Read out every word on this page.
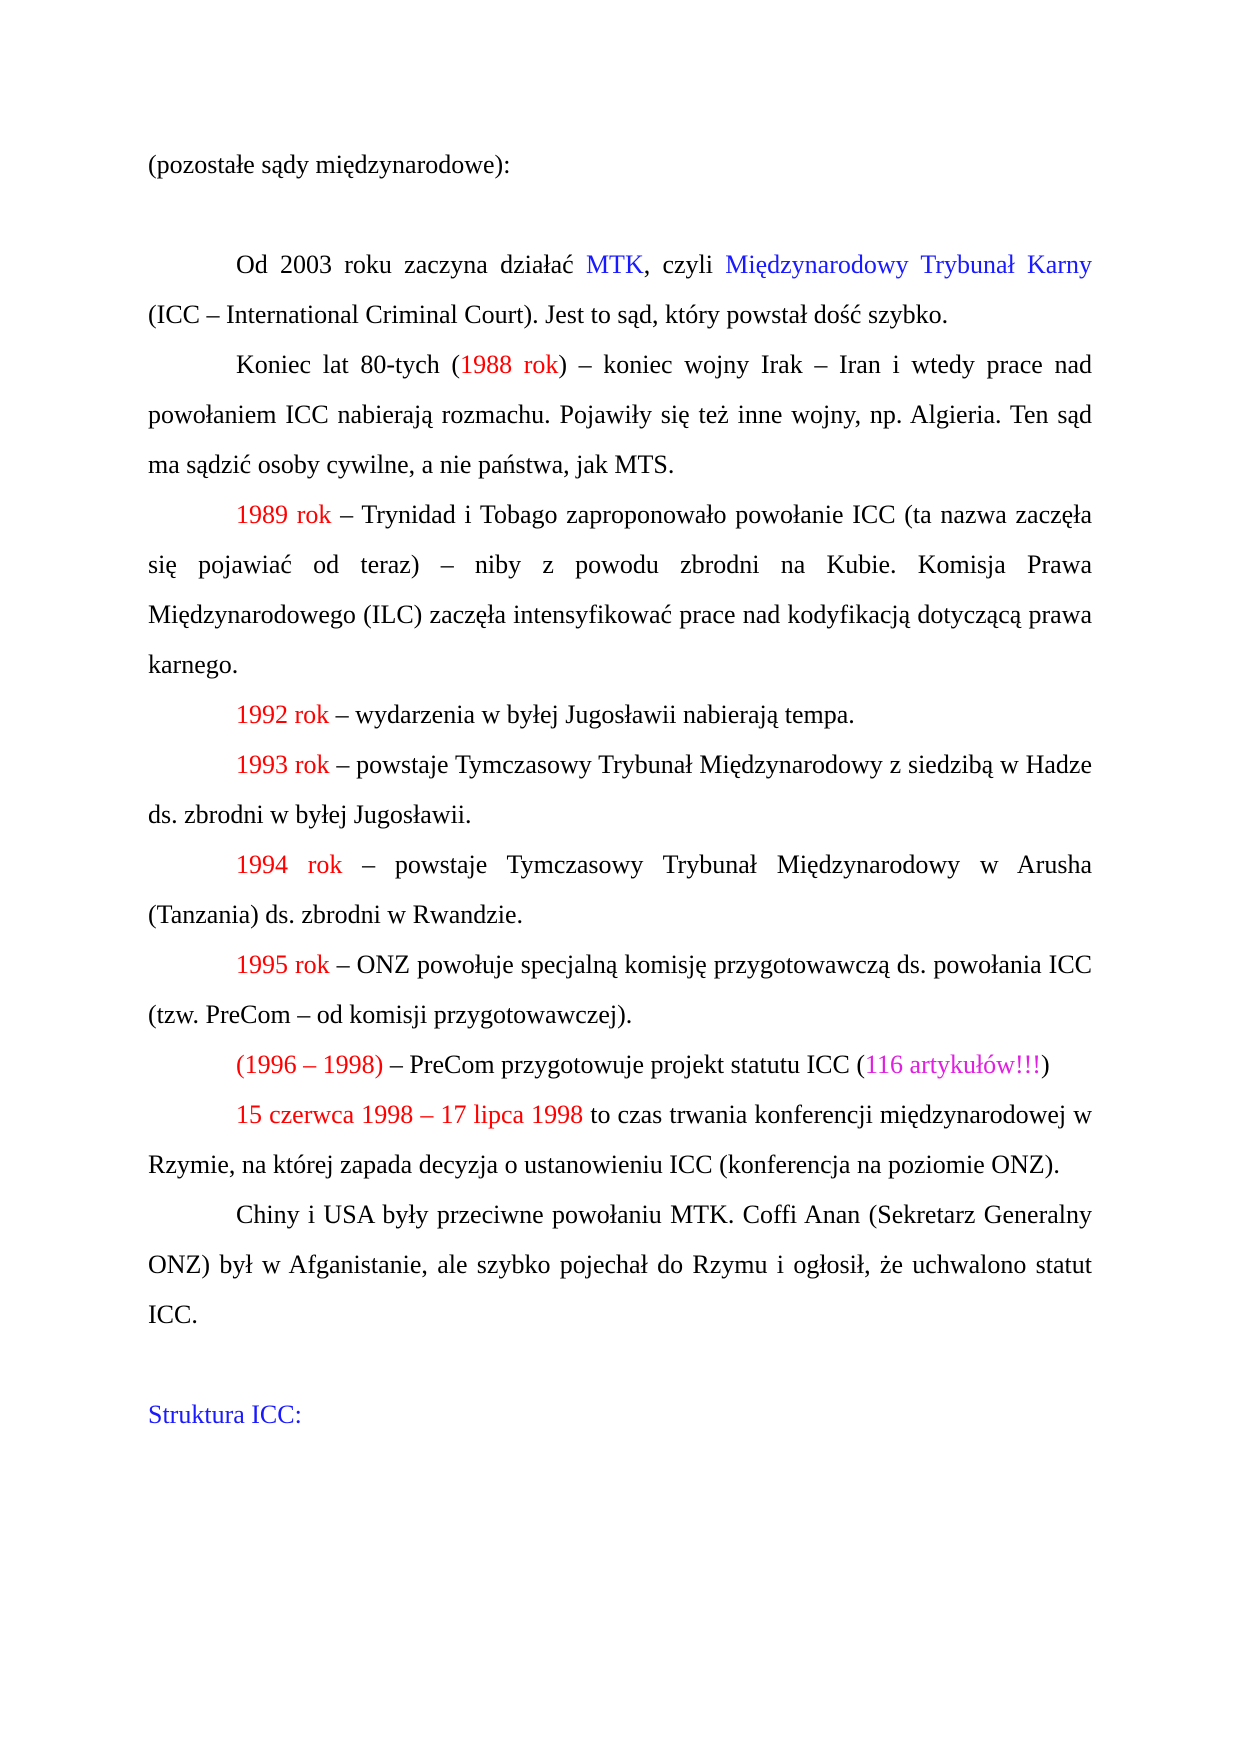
(pozostałe sądy międzynarodowe):

Od 2003 roku zaczyna działać MTK, czyli Międzynarodowy Trybunał Karny (ICC – International Criminal Court). Jest to sąd, który powstał dość szybko.

Koniec lat 80-tych (1988 rok) – koniec wojny Irak – Iran i wtedy prace nad powołaniem ICC nabierają rozmachu. Pojawiły się też inne wojny, np. Algieria. Ten sąd ma sądzić osoby cywilne, a nie państwa, jak MTS.

1989 rok – Trynidad i Tobago zaproponowało powołanie ICC (ta nazwa zaczęła się pojawiać od teraz) – niby z powodu zbrodni na Kubie. Komisja Prawa Międzynarodowego (ILC) zaczęła intensyfikować prace nad kodyfikacją dotyczącą prawa karnego.

1992 rok – wydarzenia w byłej Jugosławii nabierają tempa.

1993 rok – powstaje Tymczasowy Trybunał Międzynarodowy z siedzibą w Hadze ds. zbrodni w byłej Jugosławii.

1994 rok – powstaje Tymczasowy Trybunał Międzynarodowy w Arusha (Tanzania) ds. zbrodni w Rwandzie.

1995 rok – ONZ powołuje specjalną komisję przygotowawczą ds. powołania ICC (tzw. PreCom – od komisji przygotowawczej).

(1996 – 1998) – PreCom przygotowuje projekt statutu ICC (116 artykułów!!!)

15 czerwca 1998 – 17 lipca 1998 to czas trwania konferencji międzynarodowej w Rzymie, na której zapada decyzja o ustanowieniu ICC (konferencja na poziomie ONZ).

Chiny i USA były przeciwne powołaniu MTK. Coffi Anan (Sekretarz Generalny ONZ) był w Afganistanie, ale szybko pojechał do Rzymu i ogłosił, że uchwalono statut ICC.

Struktura ICC:
